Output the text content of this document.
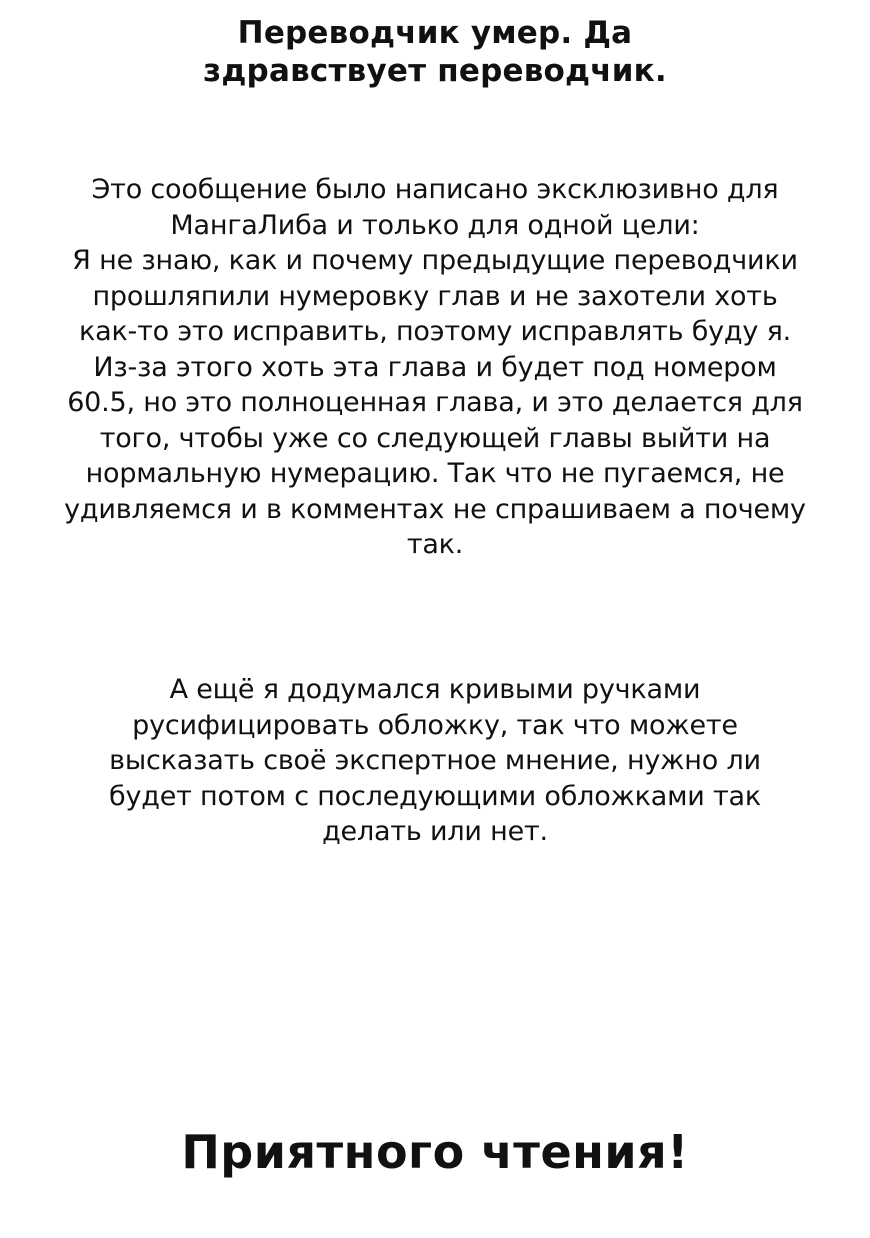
Переводчик умер. Да
здравствует переводчик.
Это сообщение было написано эксклюзивно для
МангаЛиба и только для одной цели:
Я не знаю, как и почему предыдущие переводчики
прошляпили нумеровку глав и не захотели хоть
как-то это исправить, поэтому исправлять буду я.
Из-за этого хоть эта глава и будет под номером
60.5, но это полноценная глава, и это делается для
того, чтобы уже со следующей главы выйти на
нормальную нумерацию. Так что не пугаемся, не
удивляемся и в комментах не спрашиваем а почему
так.
А ещё я додумался кривыми ручками
русифицировать обложку, так что можете
высказать своё экспертное мнение, нужно ли
будет потом с последующими обложками так
делать или нет.
Приятного чтения!
